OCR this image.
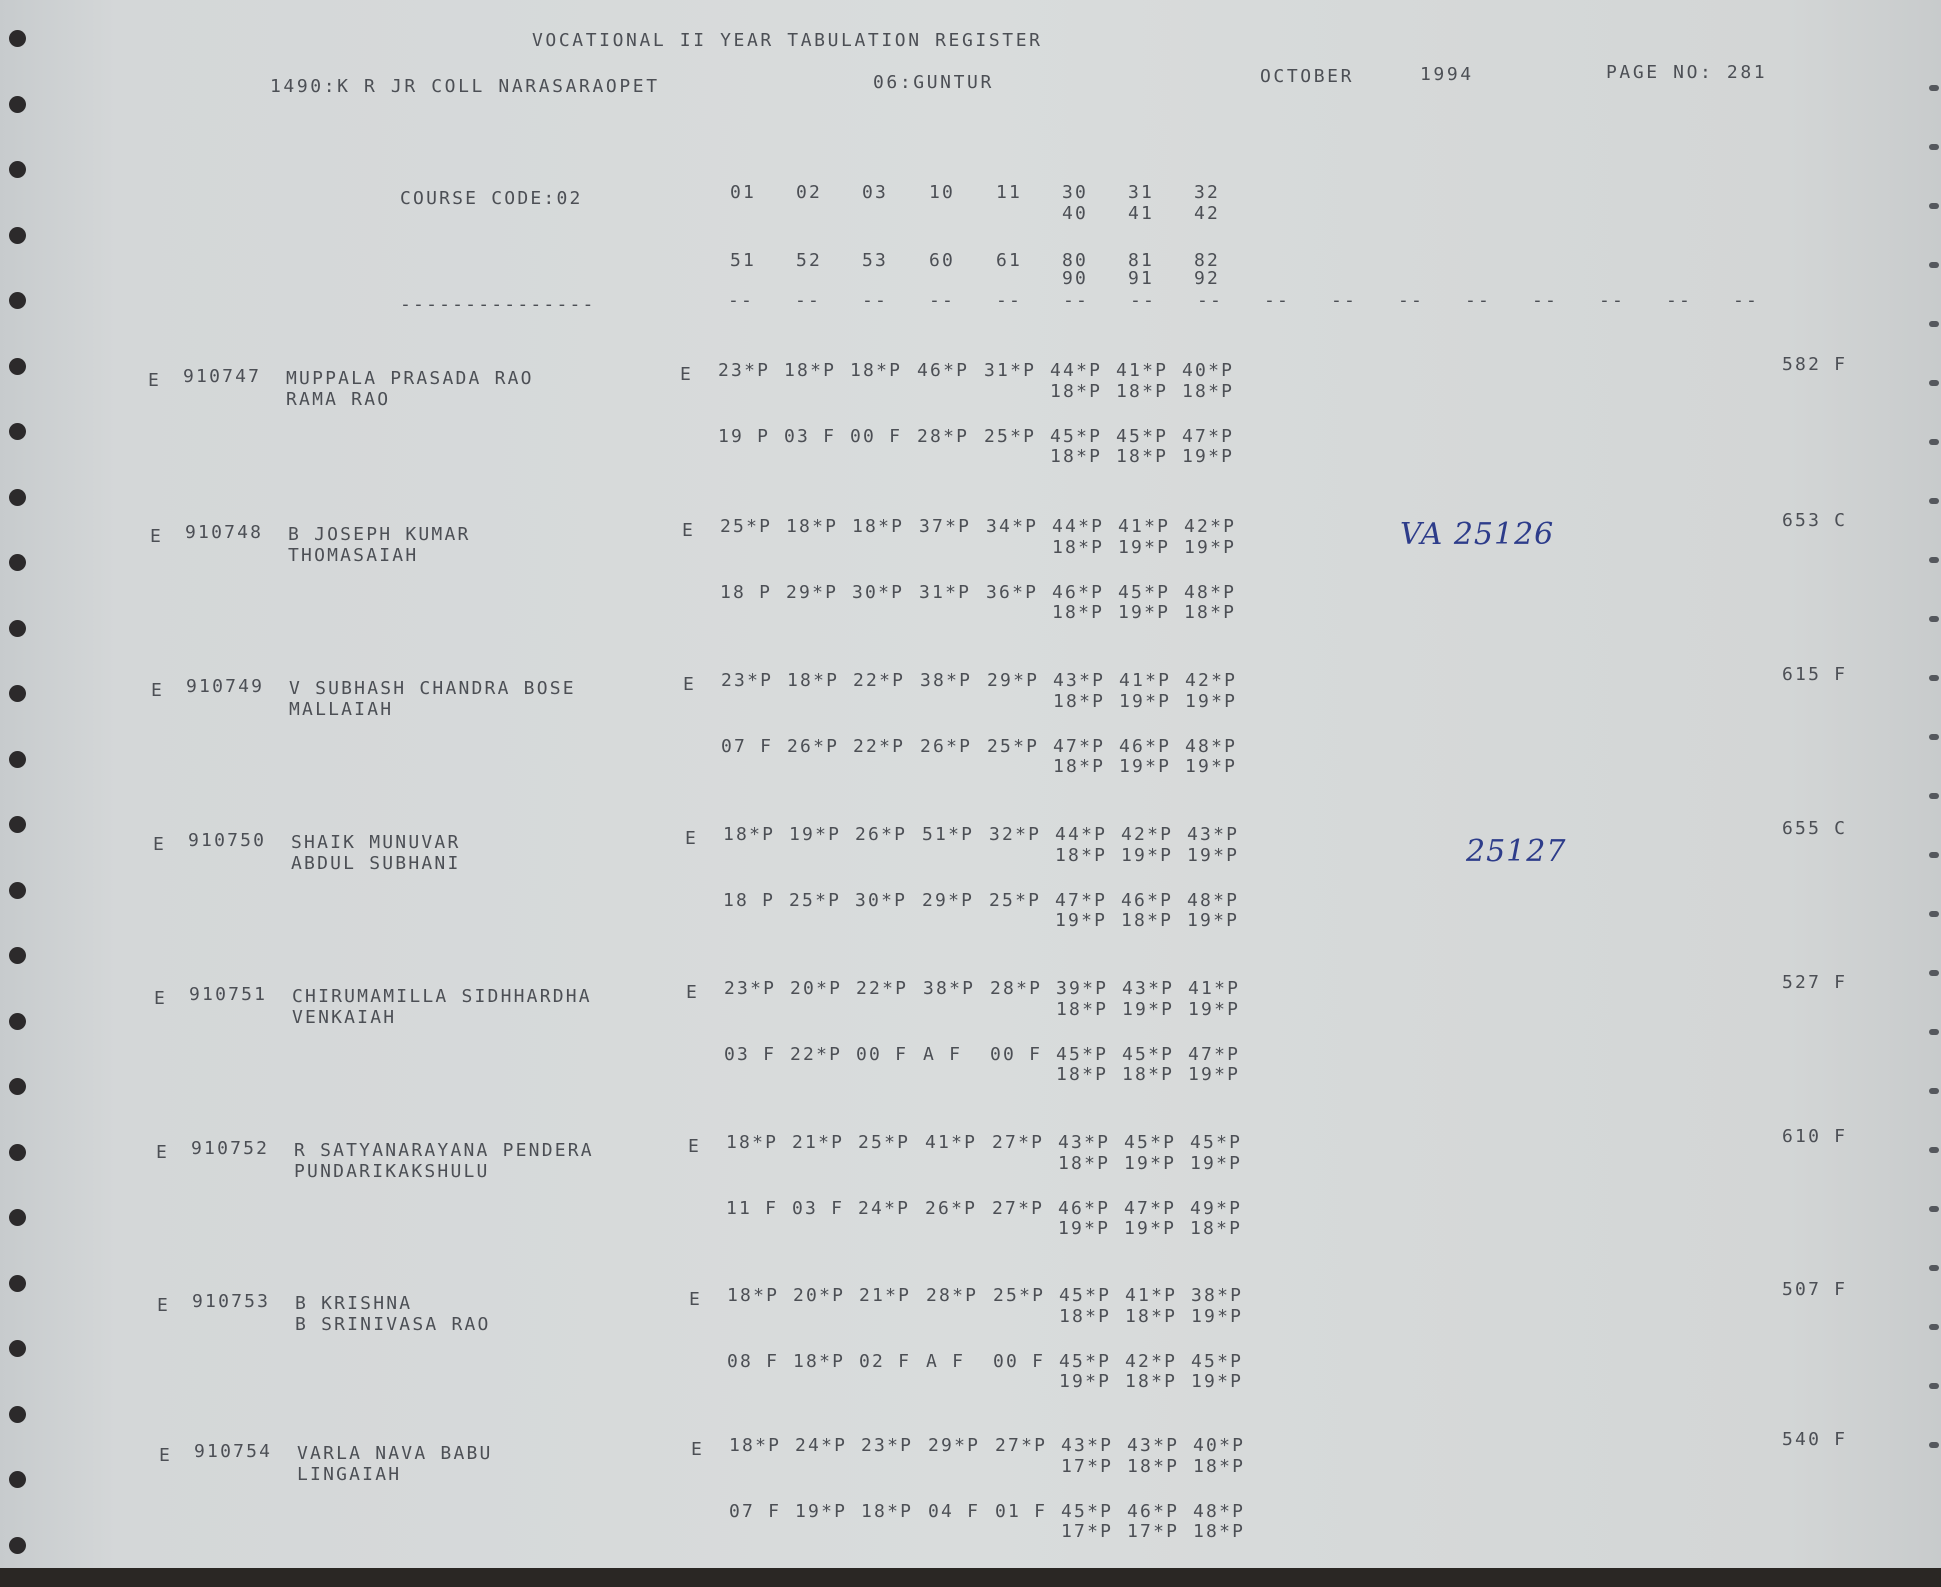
VOCATIONAL II YEAR TABULATION REGISTER
1490:K R JR COLL NARASARAOPET	06:GUNTUR	OCTOBER	1994	PAGE NO: 281
COURSE CODE:02
---------------
01 02 03 10 11 30 31 32
40 41 42
51 52 53 60 61 80 81 82
90 91 92
-- -- -- -- -- -- -- -- -- -- -- -- -- -- -- --
E 910747 MUPPALA PRASADA RAO
RAMA RAO
E 23*P 18*P 18*P 46*P 31*P 44*P 41*P 40*P
18*P 18*P 18*P
19 P 03 F 00 F 28*P 25*P 45*P 45*P 47*P
18*P 18*P 19*P
582 F
E 910748 B JOSEPH KUMAR
THOMASAIAH
E 25*P 18*P 18*P 37*P 34*P 44*P 41*P 42*P
18*P 19*P 19*P
18 P 29*P 30*P 31*P 36*P 46*P 45*P 48*P
18*P 19*P 18*P
653 C
E 910749 V SUBHASH CHANDRA BOSE
MALLAIAH
E 23*P 18*P 22*P 38*P 29*P 43*P 41*P 42*P
18*P 19*P 19*P
07 F 26*P 22*P 26*P 25*P 47*P 46*P 48*P
18*P 19*P 19*P
615 F
E 910750 SHAIK MUNUVAR
ABDUL SUBHANI
E 18*P 19*P 26*P 51*P 32*P 44*P 42*P 43*P
18*P 19*P 19*P
18 P 25*P 30*P 29*P 25*P 47*P 46*P 48*P
19*P 18*P 19*P
655 C
E 910751 CHIRUMAMILLA SIDHHARDHA
VENKAIAH
E 23*P 20*P 22*P 38*P 28*P 39*P 43*P 41*P
18*P 19*P 19*P
03 F 22*P 00 F A F 00 F 45*P 45*P 47*P
18*P 18*P 19*P
527 F
E 910752 R SATYANARAYANA PENDERA
PUNDARIKAKSHULU
E 18*P 21*P 25*P 41*P 27*P 43*P 45*P 45*P
18*P 19*P 19*P
11 F 03 F 24*P 26*P 27*P 46*P 47*P 49*P
19*P 19*P 18*P
610 F
E 910753 B KRISHNA
B SRINIVASA RAO
E 18*P 20*P 21*P 28*P 25*P 45*P 41*P 38*P
18*P 18*P 19*P
08 F 18*P 02 F A F 00 F 45*P 42*P 45*P
19*P 18*P 19*P
507 F
E 910754 VARLA NAVA BABU
LINGAIAH
E 18*P 24*P 23*P 29*P 27*P 43*P 43*P 40*P
17*P 18*P 18*P
07 F 19*P 18*P 04 F 01 F 45*P 46*P 48*P
17*P 17*P 18*P
540 F
VA 25126
25127
